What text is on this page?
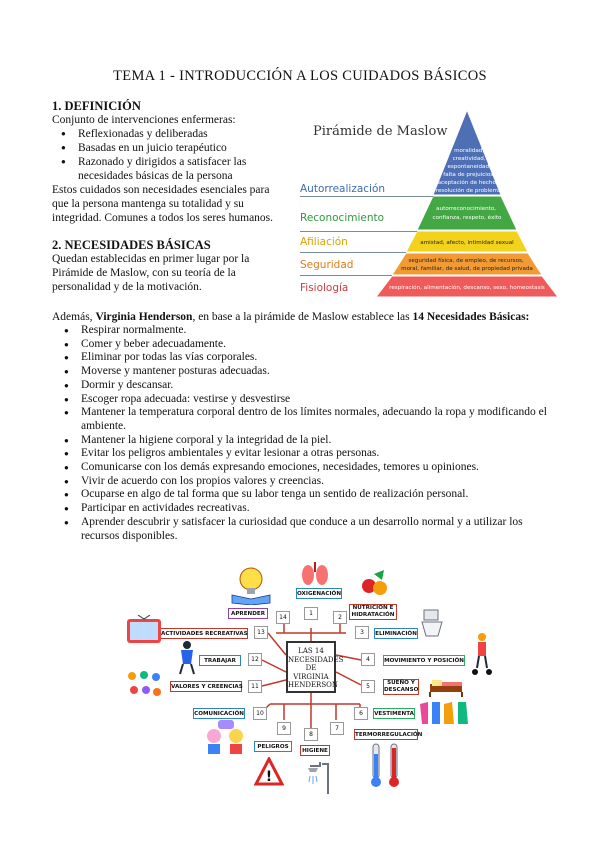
TEMA 1 - INTRODUCCIÓN A LOS CUIDADOS BÁSICOS
1. DEFINICIÓN
Conjunto de intervenciones enfermeras:
● Reflexionadas y deliberadas
● Basadas en un juicio terapéutico
● Razonado y dirigidos a satisfacer las necesidades básicas de la persona
Estos cuidados son necesidades esenciales para
que la persona mantenga su totalidad y su
integridad. Comunes a todos los seres humanos.
2. NECESIDADES BÁSICAS
Quedan establecidas en primer lugar por la
Pirámide de Maslow, con su teoría de la
personalidad y de la motivación.
Pirámide de Maslow
moralidad, creatividad, espontaneidad, falta de prejuicios, aceptación de hechos, resolución de problemas
autorreconocimiento, confianza, respeto, éxito
amistad, afecto, intimidad sexual
seguridad física, de empleo, de recursos, moral, familiar, de salud, de propiedad privada
respiración, alimentación, descanso, sexo, homeostasis
Autorrealización
Reconocimiento
Afiliación
Seguridad
Fisiología
Además, Virginia Henderson, en base a la pirámide de Maslow establece las 14 Necesidades Básicas:
● Respirar normalmente.
● Comer y beber adecuadamente.
● Eliminar por todas las vías corporales.
● Moverse y mantener posturas adecuadas.
● Dormir y descansar.
● Escoger ropa adecuada: vestirse y desvestirse
● Mantener la temperatura corporal dentro de los límites normales, adecuando la ropa y modificando el ambiente.
● Mantener la higiene corporal y la integridad de la piel.
● Evitar los peligros ambientales y evitar lesionar a otras personas.
● Comunicarse con los demás expresando emociones, necesidades, temores u opiniones.
● Vivir de acuerdo con los propios valores y creencias.
● Ocuparse en algo de tal forma que su labor tenga un sentido de realización personal.
● Participar en actividades recreativas.
● Aprender descubrir y satisfacer la curiosidad que conduce a un desarrollo normal y a utilizar los recursos disponibles.
LAS 14
NECESIDADES
DE VIRGINIA
HENDERSON
1
2
3
4
5
6
7
8
9
10
11
12
13
14
OXIGENACIÓN
NUTRICIÓN E HIDRATACIÓN
APRENDER
ACTIVIDADES RECREATIVAS	ELIMINACIÓN
TRABAJAR	MOVIMIENTO Y POSICIÓN
VALORES Y CREENCIAS
SUEÑO Y DESCANSO
COMUNICACIÓN	VESTIMENTA
TERMORREGULACIÓN
PELIGROS
HIGIENE
!
